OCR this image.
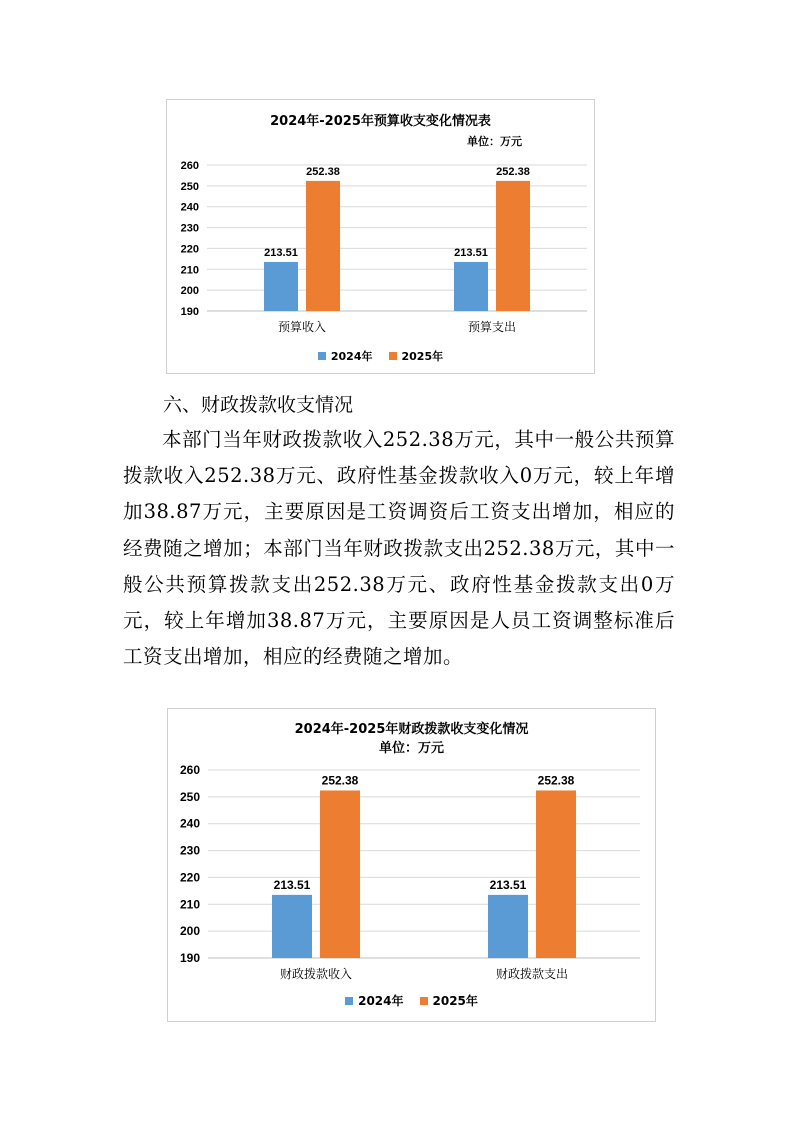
2024年-2025年预算收支变化情况表
单位：万元
190
200
210
220
230
240
250
260
213.51
252.38
预算收入
213.51
252.38
预算支出
2024年	2025年
六、财政拨款收支情况
本部门当年财政拨款收入252.38万元，其中一般公共预算拨款收入252.38万元、政府性基金拨款收入0万元，较上年增加38.87万元，主要原因是工资调资后工资支出增加，相应的经费随之增加；本部门当年财政拨款支出252.38万元，其中一般公共预算拨款支出252.38万元、政府性基金拨款支出0万元，较上年增加38.87万元，主要原因是人员工资调整标准后工资支出增加，相应的经费随之增加。
2024年-2025年财政拨款收支变化情况
单位：万元
190
200
210
220
230
240
250
260
213.51
252.38
财政拨款收入
213.51
252.38
财政拨款支出
2024年 2025年
